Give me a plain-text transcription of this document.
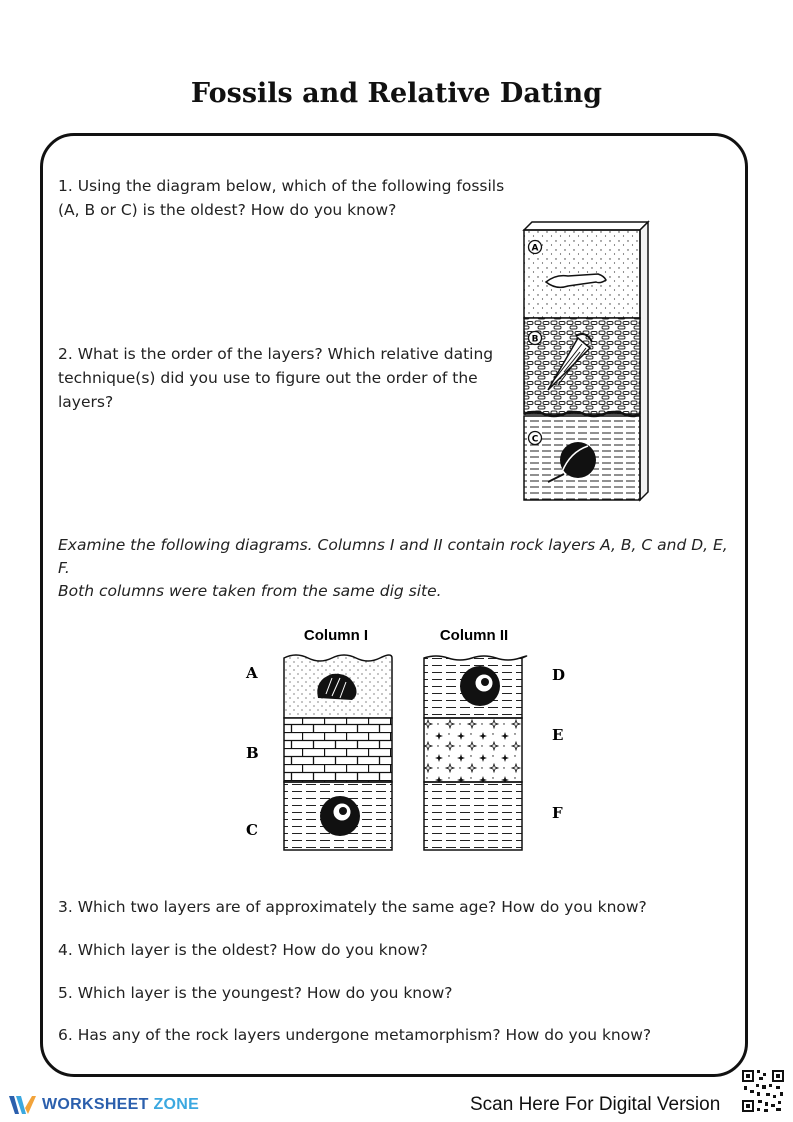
Fossils and Relative Dating
1. Using the diagram below, which of the following fossils
(A, B or C) is the oldest? How do you know?
2. What is the order of the layers? Which relative dating
technique(s) did you use to figure out the order of the
layers?
A
B
C
Examine the following diagrams. Columns I and II contain rock layers A, B, C and D, E, F.
Both columns were taken from the same dig site.
Column I	Column II
A
B
C
D
E
F
3. Which two layers are of approximately the same age? How do you know?
4. Which layer is the oldest? How do you know?
5. Which layer is the youngest? How do you know?
6. Has any of the rock layers undergone metamorphism? How do you know?
WORKSHEET ZONE	Scan Here For Digital Version
